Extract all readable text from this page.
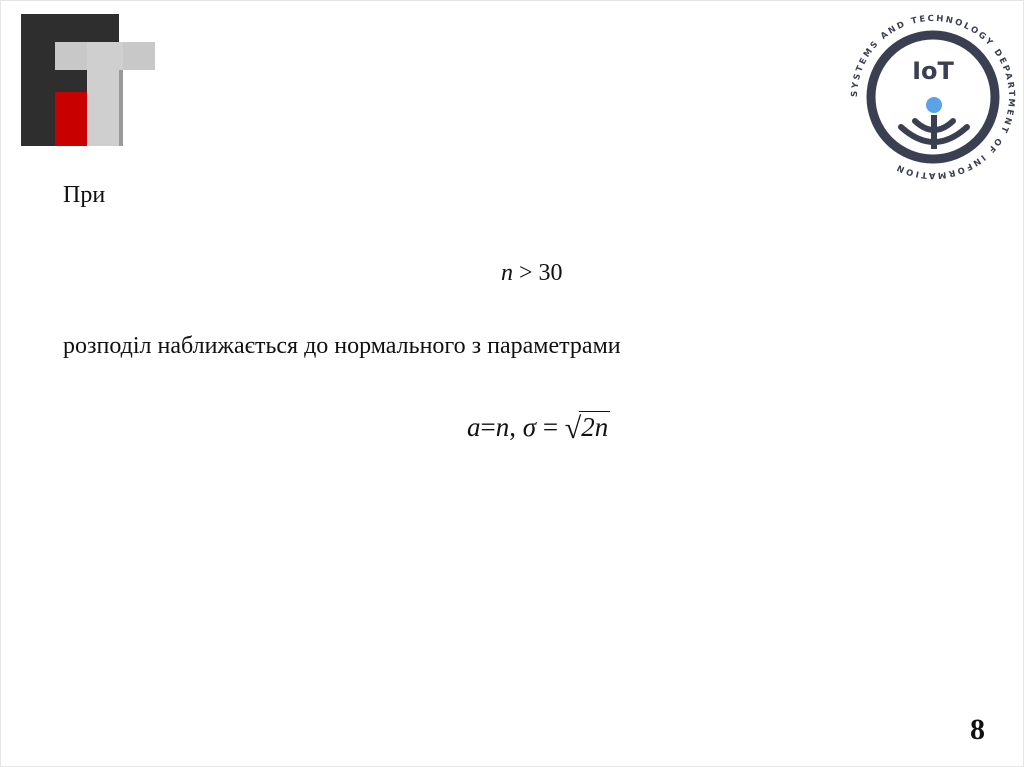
SYSTEMS AND TECHNOLOGY DEPARTMENT OF INFORMATION
IoT
При
n > 30
розподіл наближається до нормального з параметрами
a=n, σ = √2n
8
